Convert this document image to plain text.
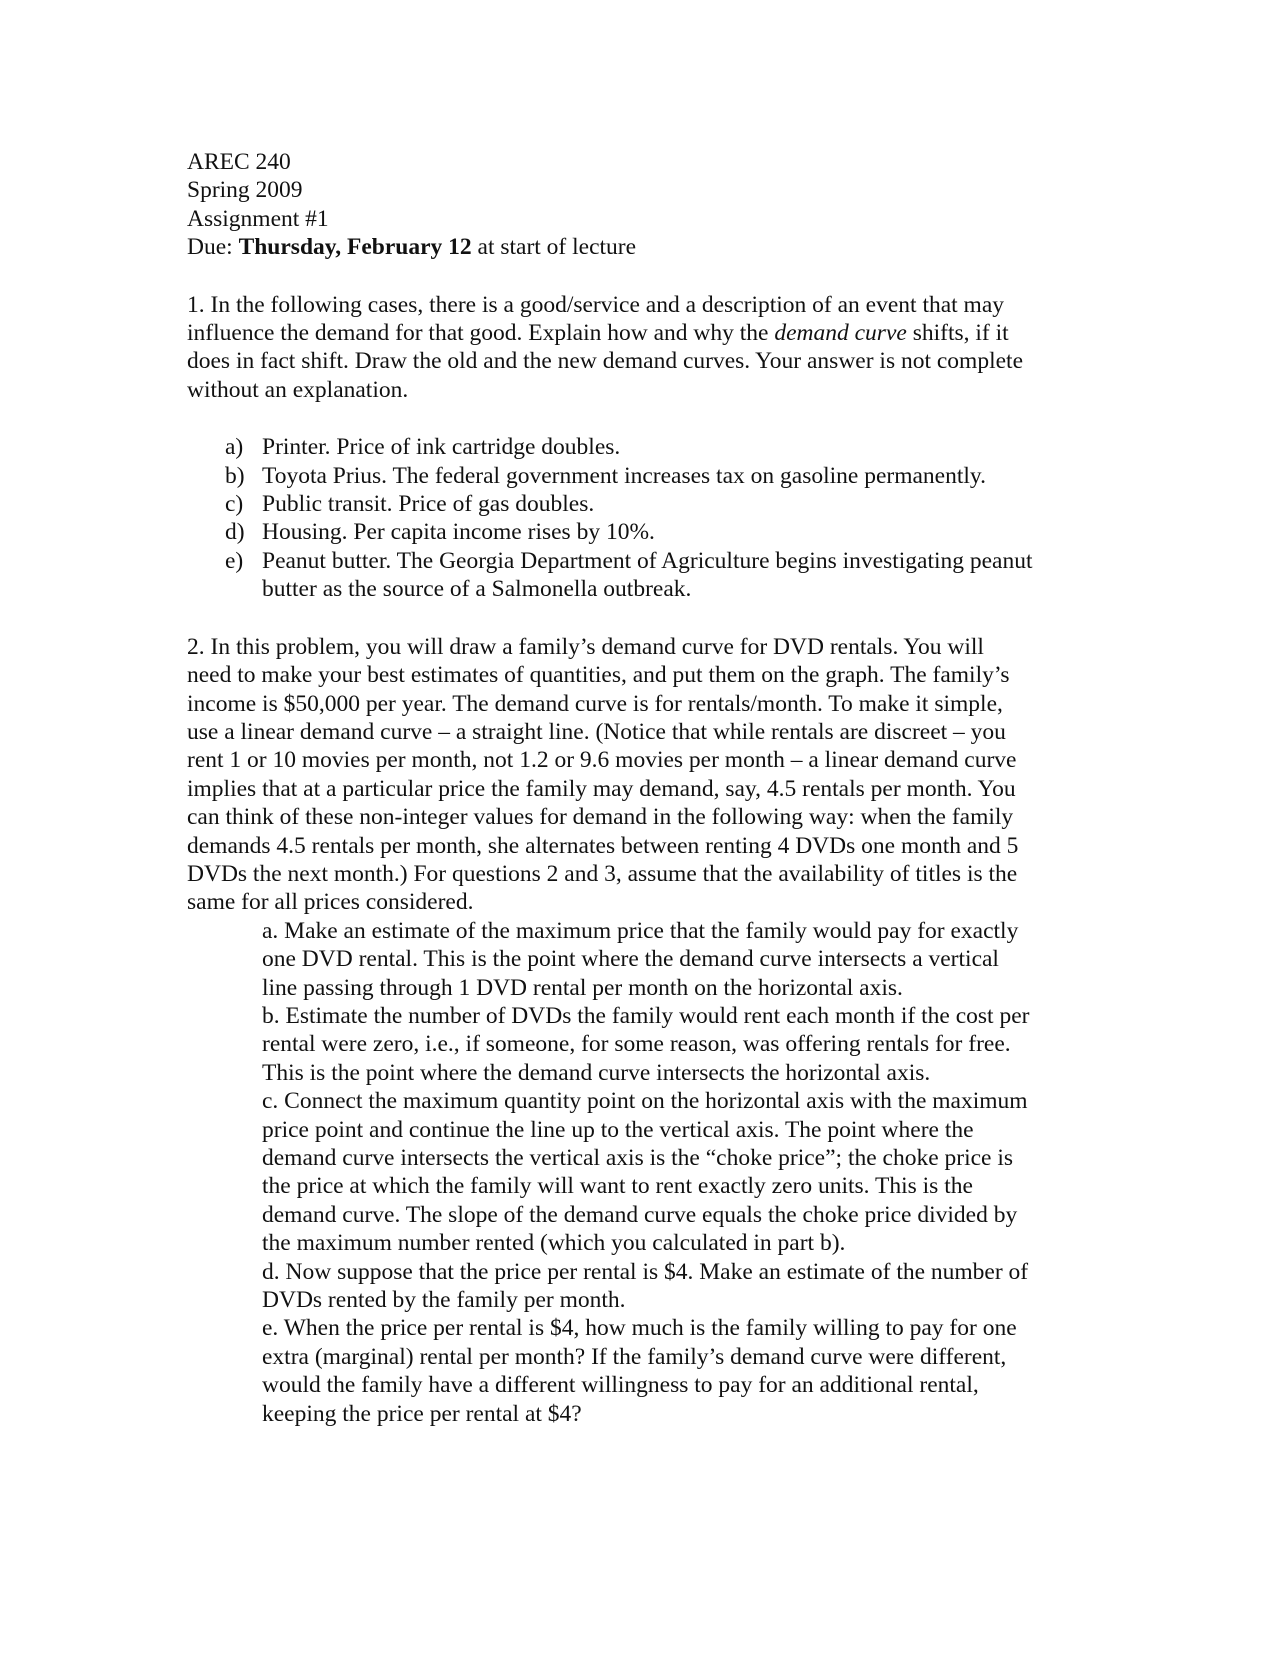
AREC 240
Spring 2009
Assignment #1
Due: Thursday, February 12 at start of lecture
1. In the following cases, there is a good/service and a description of an event that may
influence the demand for that good. Explain how and why the demand curve shifts, if it
does in fact shift. Draw the old and the new demand curves. Your answer is not complete
without an explanation.
a) Printer. Price of ink cartridge doubles.
b) Toyota Prius. The federal government increases tax on gasoline permanently.
c) Public transit. Price of gas doubles.
d) Housing. Per capita income rises by 10%.
e) Peanut butter. The Georgia Department of Agriculture begins investigating peanut
butter as the source of a Salmonella outbreak.
2. In this problem, you will draw a family’s demand curve for DVD rentals. You will
need to make your best estimates of quantities, and put them on the graph. The family’s
income is $50,000 per year. The demand curve is for rentals/month. To make it simple,
use a linear demand curve – a straight line. (Notice that while rentals are discreet – you
rent 1 or 10 movies per month, not 1.2 or 9.6 movies per month – a linear demand curve
implies that at a particular price the family may demand, say, 4.5 rentals per month. You
can think of these non-integer values for demand in the following way: when the family
demands 4.5 rentals per month, she alternates between renting 4 DVDs one month and 5
DVDs the next month.) For questions 2 and 3, assume that the availability of titles is the
same for all prices considered.
a. Make an estimate of the maximum price that the family would pay for exactly
one DVD rental. This is the point where the demand curve intersects a vertical
line passing through 1 DVD rental per month on the horizontal axis.
b. Estimate the number of DVDs the family would rent each month if the cost per
rental were zero, i.e., if someone, for some reason, was offering rentals for free.
This is the point where the demand curve intersects the horizontal axis.
c. Connect the maximum quantity point on the horizontal axis with the maximum
price point and continue the line up to the vertical axis. The point where the
demand curve intersects the vertical axis is the “choke price”; the choke price is
the price at which the family will want to rent exactly zero units. This is the
demand curve. The slope of the demand curve equals the choke price divided by
the maximum number rented (which you calculated in part b).
d. Now suppose that the price per rental is $4. Make an estimate of the number of
DVDs rented by the family per month.
e. When the price per rental is $4, how much is the family willing to pay for one
extra (marginal) rental per month? If the family’s demand curve were different,
would the family have a different willingness to pay for an additional rental,
keeping the price per rental at $4?
